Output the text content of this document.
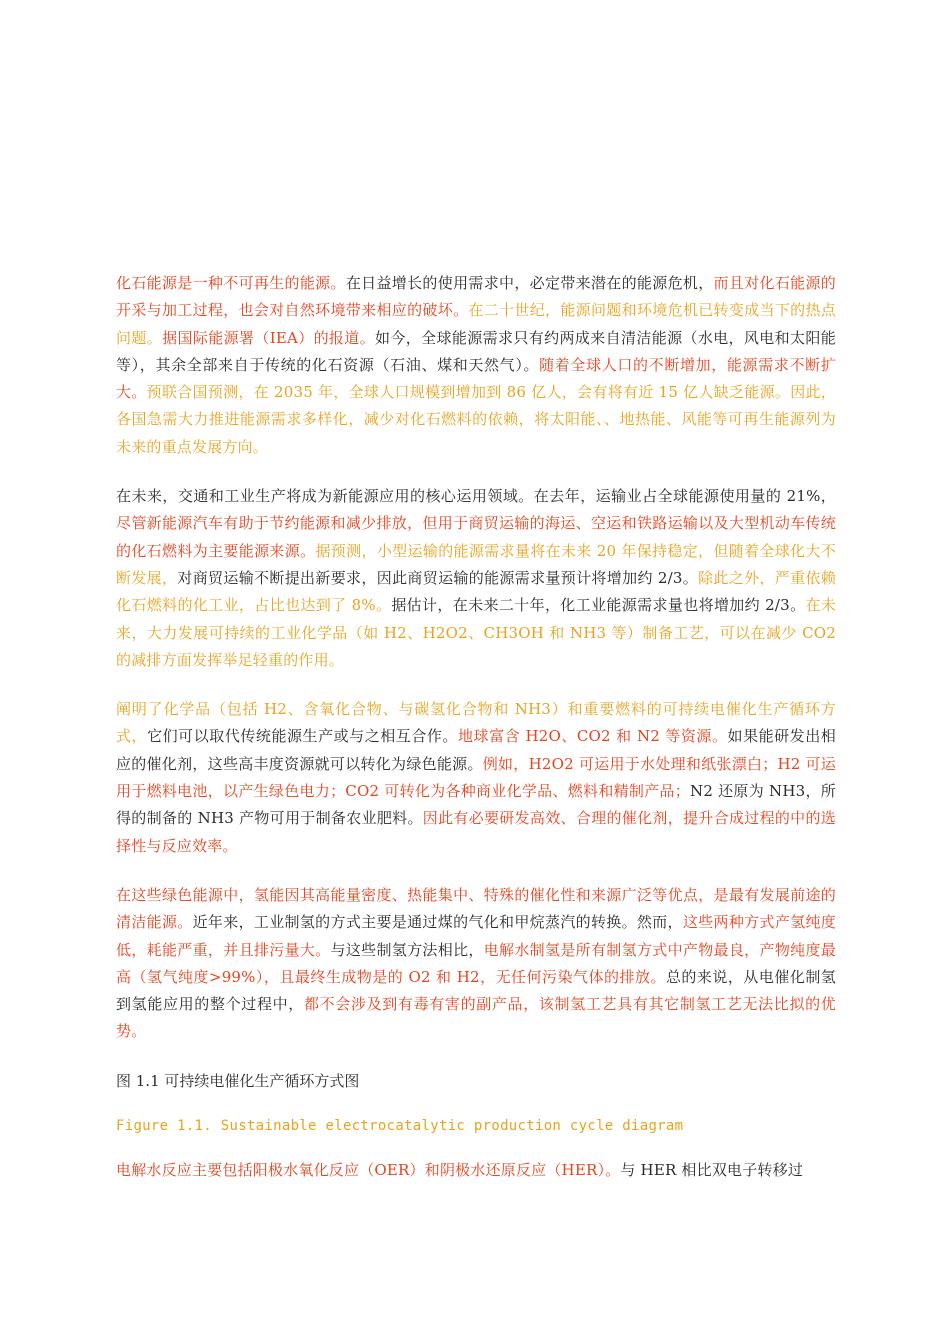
化石能源是一种不可再生的能源。在日益增长的使用需求中，必定带来潜在的能源危机，而且对化石能源的开采与加工过程，也会对自然环境带来相应的破坏。在二十世纪，能源问题和环境危机已转变成当下的热点问题。据国际能源署（IEA）的报道。如今，全球能源需求只有约两成来自清洁能源（水电，风电和太阳能等），其余全部来自于传统的化石资源（石油、煤和天然气）。随着全球人口的不断增加，能源需求不断扩大。预联合国预测，在 2035 年，全球人口规模到增加到 86 亿人，会有将有近 15 亿人缺乏能源。因此，各国急需大力推进能源需求多样化，减少对化石燃料的依赖，将太阳能、、地热能、风能等可再生能源列为未来的重点发展方向。

在未来，交通和工业生产将成为新能源应用的核心运用领域。在去年，运输业占全球能源使用量的 21%，尽管新能源汽车有助于节约能源和减少排放，但用于商贸运输的海运、空运和铁路运输以及大型机动车传统的化石燃料为主要能源来源。据预测，小型运输的能源需求量将在未来 20 年保持稳定，但随着全球化大不断发展，对商贸运输不断提出新要求，因此商贸运输的能源需求量预计将增加约 2/3。除此之外，严重依赖化石燃料的化工业，占比也达到了 8%。据估计，在未来二十年，化工业能源需求量也将增加约 2/3。在未来，大力发展可持续的工业化学品（如 H2、H2O2、CH3OH 和 NH3 等）制备工艺，可以在减少 CO2 的减排方面发挥举足轻重的作用。

阐明了化学品（包括 H2、含氧化合物、与碳氢化合物和 NH3）和重要燃料的可持续电催化生产循环方式，它们可以取代传统能源生产或与之相互合作。地球富含 H2O、CO2 和 N2 等资源。如果能研发出相应的催化剂，这些高丰度资源就可以转化为绿色能源。例如，H2O2 可运用于水处理和纸张漂白；H2 可运用于燃料电池，以产生绿色电力；CO2 可转化为各种商业化学品、燃料和精制产品；N2 还原为 NH3，所得的制备的 NH3 产物可用于制备农业肥料。因此有必要研发高效、合理的催化剂，提升合成过程的中的选择性与反应效率。

在这些绿色能源中，氢能因其高能量密度、热能集中、特殊的催化性和来源广泛等优点，是最有发展前途的清洁能源。近年来，工业制氢的方式主要是通过煤的气化和甲烷蒸汽的转换。然而，这些两种方式产氢纯度低，耗能严重，并且排污量大。与这些制氢方法相比，电解水制氢是所有制氢方式中产物最良，产物纯度最高（氢气纯度>99%），且最终生成物是的 O2 和 H2，无任何污染气体的排放。总的来说，从电催化制氢到氢能应用的整个过程中，都不会涉及到有毒有害的副产品，该制氢工艺具有其它制氢工艺无法比拟的优势。

图 1.1 可持续电催化生产循环方式图

Figure 1.1. Sustainable electrocatalytic production cycle diagram

电解水反应主要包括阳极水氧化反应（OER）和阴极水还原反应（HER）。与 HER 相比双电子转移过
